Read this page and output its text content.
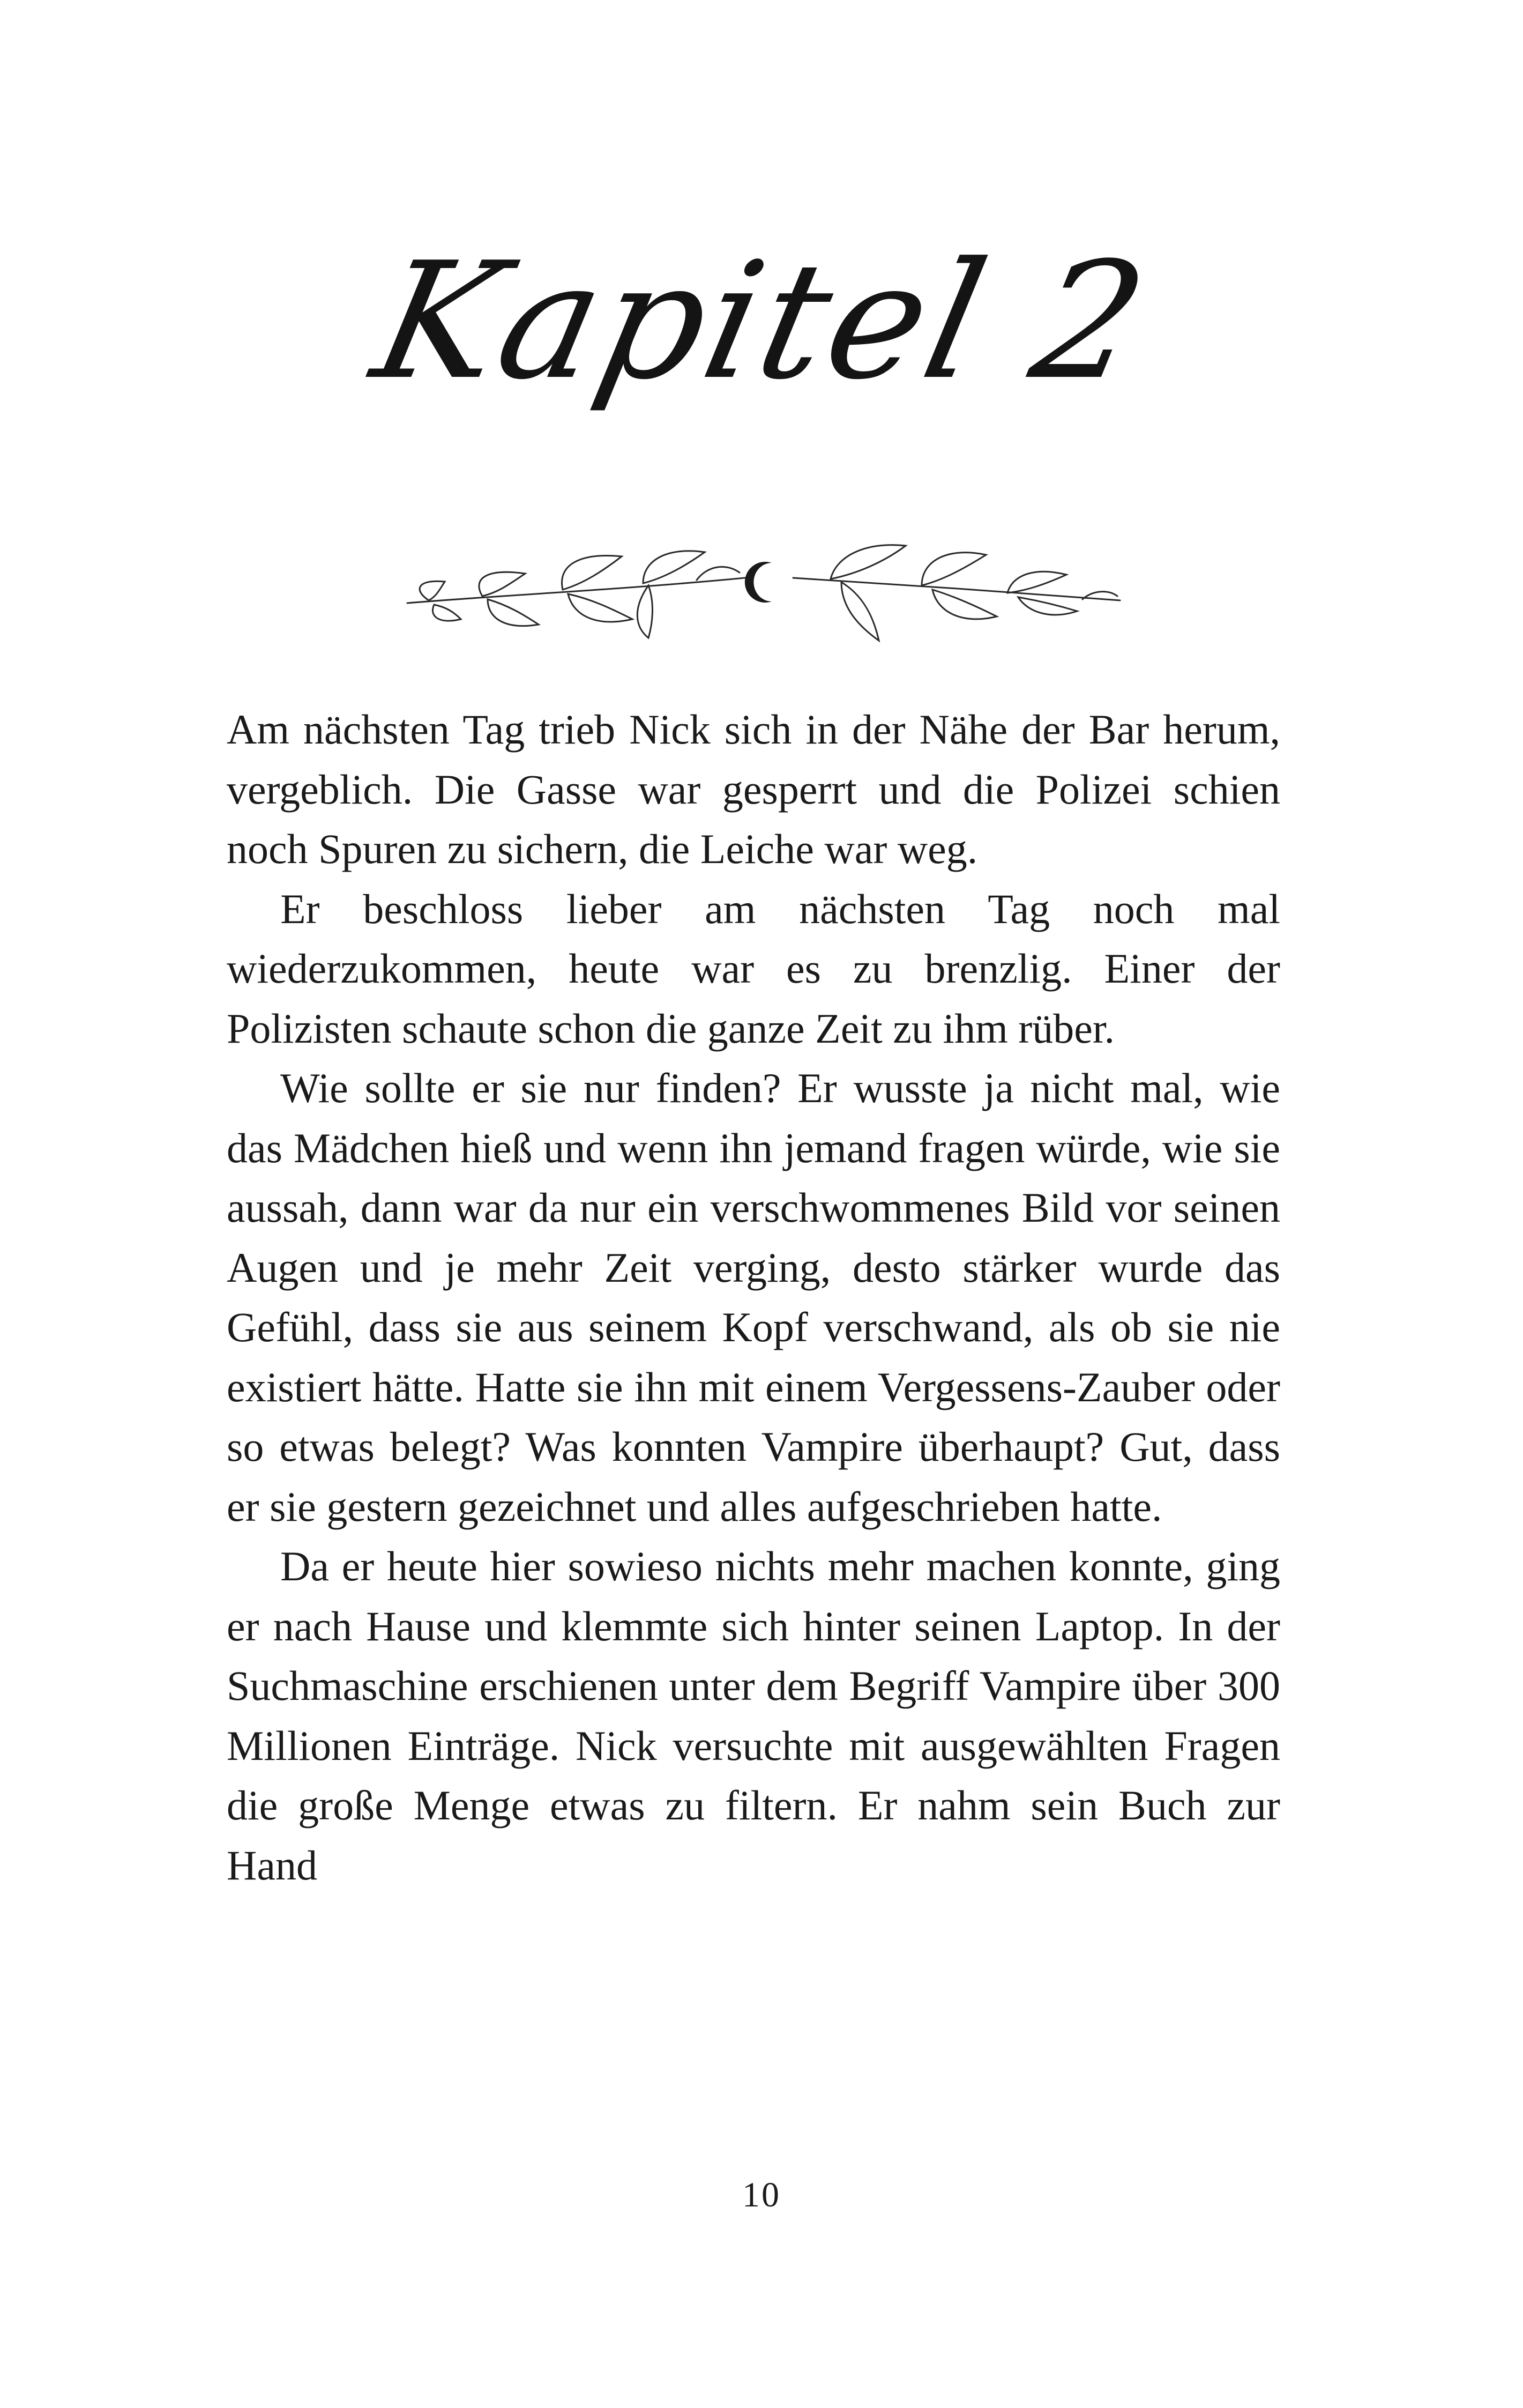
Kapitel 2

Am nächsten Tag trieb Nick sich in der Nähe der Bar herum, vergeblich. Die Gasse war gesperrt und die Polizei schien noch Spuren zu sichern, die Leiche war weg.

Er beschloss lieber am nächsten Tag noch mal wiederzukommen, heute war es zu brenzlig. Einer der Polizisten schaute schon die ganze Zeit zu ihm rüber.

Wie sollte er sie nur finden? Er wusste ja nicht mal, wie das Mädchen hieß und wenn ihn jemand fragen würde, wie sie aussah, dann war da nur ein verschwommenes Bild vor seinen Augen und je mehr Zeit verging, desto stärker wurde das Gefühl, dass sie aus seinem Kopf verschwand, als ob sie nie existiert hätte. Hatte sie ihn mit einem Vergessens-Zauber oder so etwas belegt? Was konnten Vampire überhaupt? Gut, dass er sie gestern gezeichnet und alles aufgeschrieben hatte.

Da er heute hier sowieso nichts mehr machen konnte, ging er nach Hause und klemmte sich hinter seinen Laptop. In der Suchmaschine erschienen unter dem Begriff Vampire über 300 Millionen Einträge. Nick versuchte mit ausgewählten Fragen die große Menge etwas zu filtern. Er nahm sein Buch zur Hand

10
